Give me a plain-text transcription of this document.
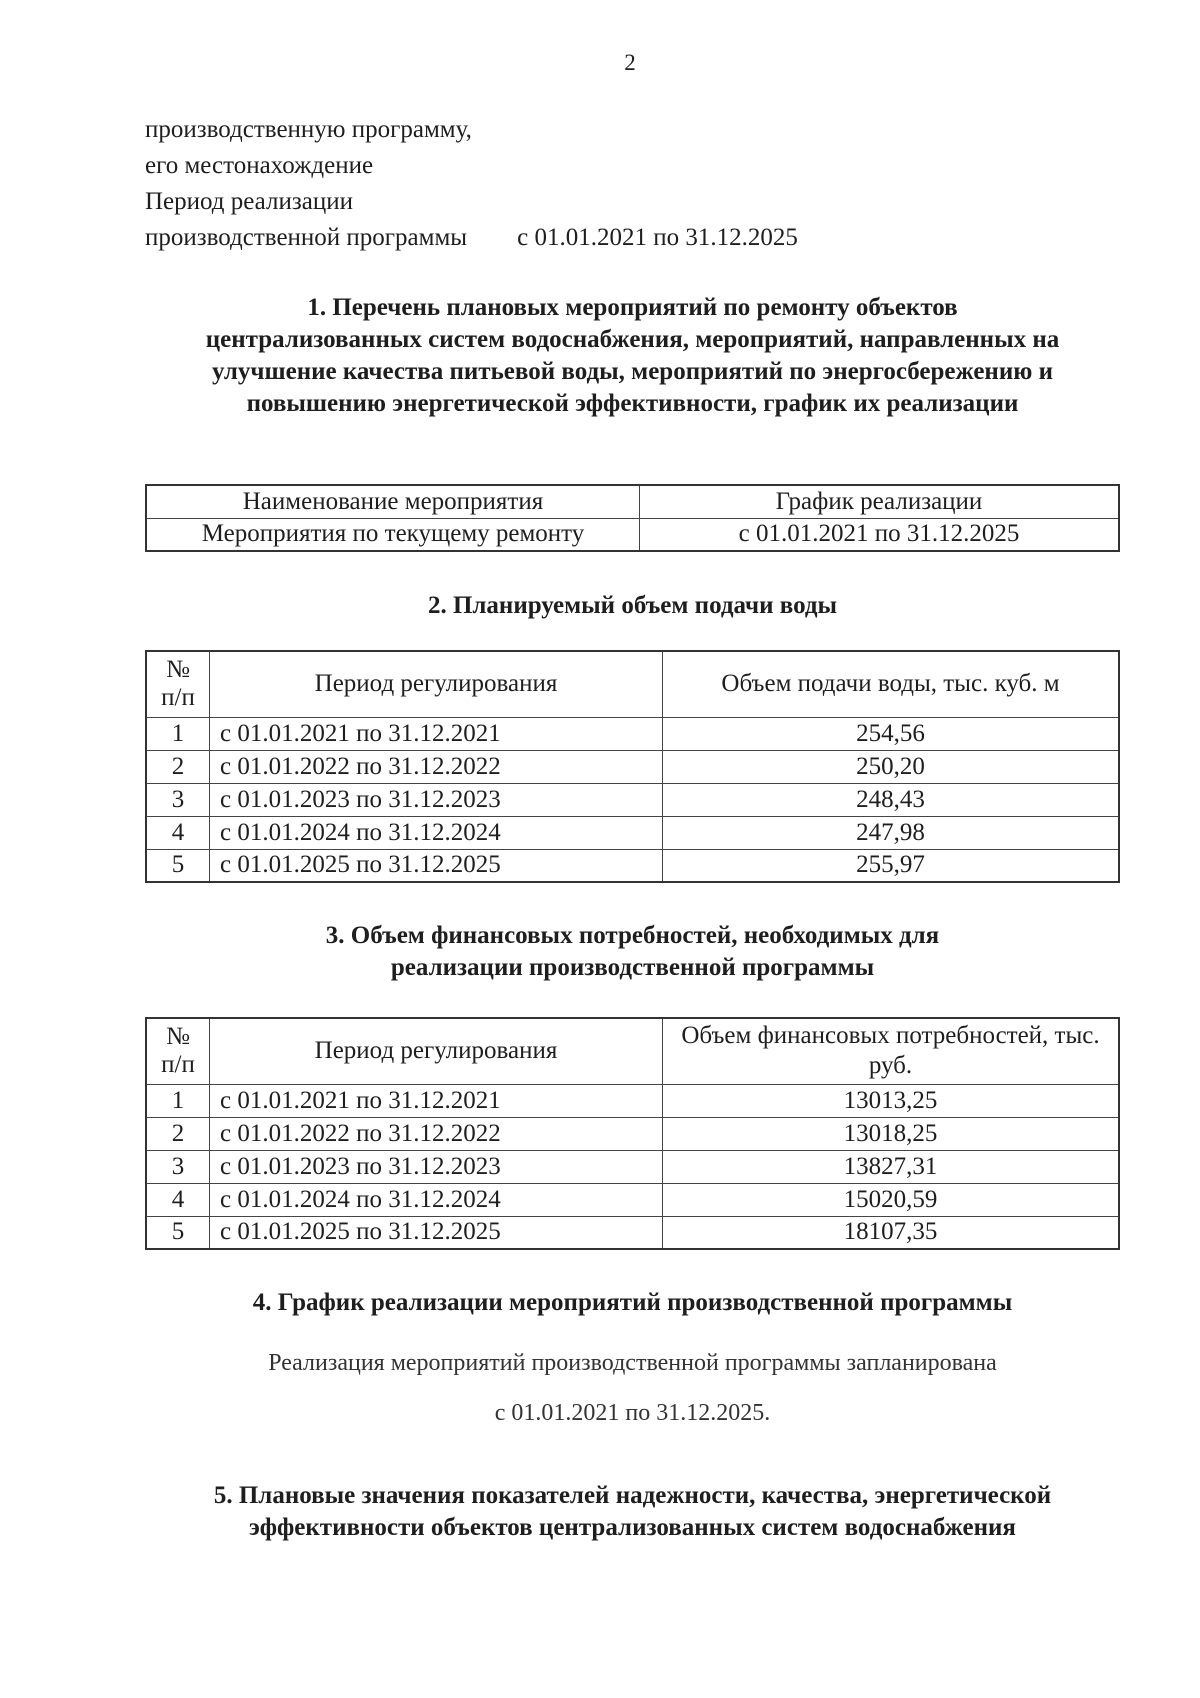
2
производственную программу,
его местонахождение
Период реализации
производственной программы с 01.01.2021 по 31.12.2025
1. Перечень плановых мероприятий по ремонту объектов
централизованных систем водоснабжения, мероприятий, направленных на
улучшение качества питьевой воды, мероприятий по энергосбережению и
повышению энергетической эффективности, график их реализации
Наименование мероприятия	График реализации
Мероприятия по текущему ремонту	с 01.01.2021 по 31.12.2025
2. Планируемый объем подачи воды
№ п/п	Период регулирования	Объем подачи воды, тыс. куб. м
1	с 01.01.2021 по 31.12.2021	254,56
2	с 01.01.2022 по 31.12.2022	250,20
3	с 01.01.2023 по 31.12.2023	248,43
4	с 01.01.2024 по 31.12.2024	247,98
5	с 01.01.2025 по 31.12.2025	255,97
3. Объем финансовых потребностей, необходимых для
реализации производственной программы
№ п/п	Период регулирования	Объем финансовых потребностей, тыс. руб.
1	с 01.01.2021 по 31.12.2021	13013,25
2	с 01.01.2022 по 31.12.2022	13018,25
3	с 01.01.2023 по 31.12.2023	13827,31
4	с 01.01.2024 по 31.12.2024	15020,59
5	с 01.01.2025 по 31.12.2025	18107,35
4. График реализации мероприятий производственной программы
Реализация мероприятий производственной программы запланирована
с 01.01.2021 по 31.12.2025.
5. Плановые значения показателей надежности, качества, энергетической
эффективности объектов централизованных систем водоснабжения
